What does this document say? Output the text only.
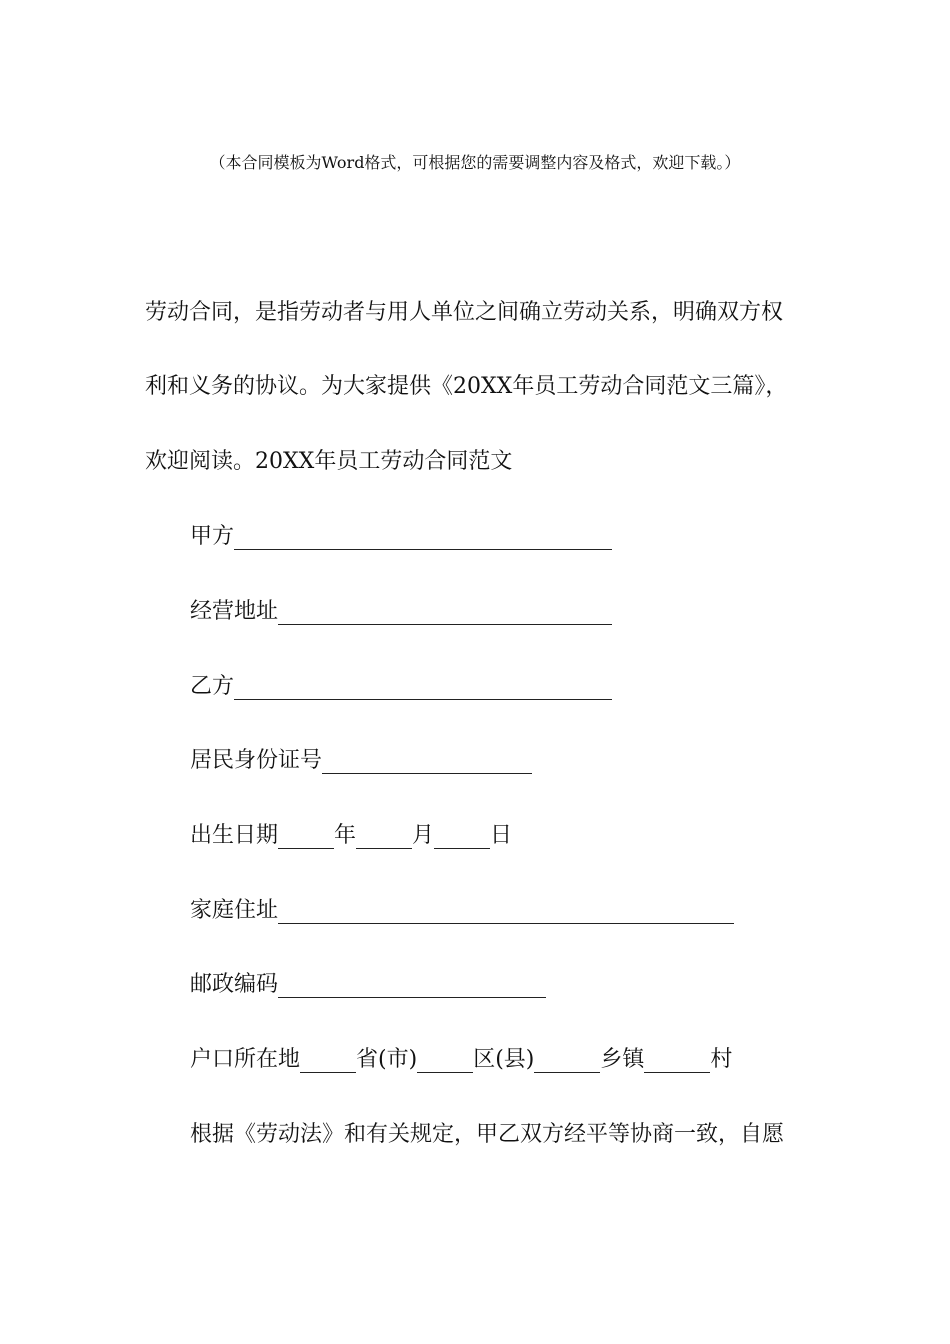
（本合同模板为Word格式，可根据您的需要调整内容及格式，欢迎下载。）
劳动合同，是指劳动者与用人单位之间确立劳动关系，明确双方权
利和义务的协议。为大家提供《20XX年员工劳动合同范文三篇》，
欢迎阅读。20XX年员工劳动合同范文
甲方
经营地址
乙方
居民身份证号
出生日期	年	月	日
家庭住址
邮政编码
户口所在地	省(市)	区(县)	乡镇	村
根据《劳动法》和有关规定，甲乙双方经平等协商一致，自愿
